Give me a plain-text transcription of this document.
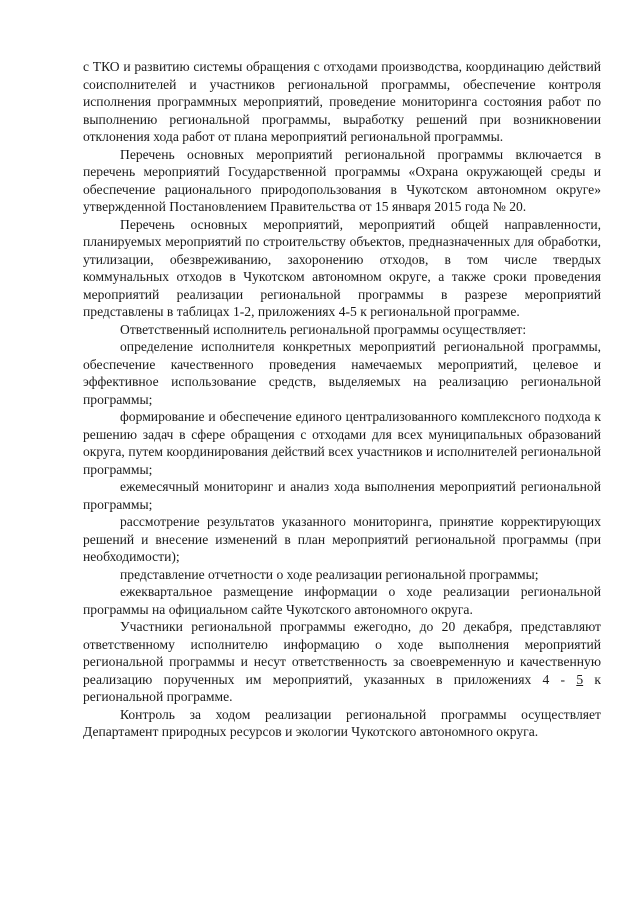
с ТКО и развитию системы обращения с отходами производства, координацию действий соисполнителей и участников региональной программы, обеспечение контроля исполнения программных мероприятий, проведение мониторинга состояния работ по выполнению региональной программы, выработку решений при возникновении отклонения хода работ от плана мероприятий региональной программы.

Перечень основных мероприятий региональной программы включается в перечень мероприятий Государственной программы «Охрана окружающей среды и обеспечение рационального природопользования в Чукотском автономном округе» утвержденной Постановлением Правительства от 15 января 2015 года № 20.

Перечень основных мероприятий, мероприятий общей направленности, планируемых мероприятий по строительству объектов, предназначенных для обработки, утилизации, обезвреживанию, захоронению отходов, в том числе твердых коммунальных отходов в Чукотском автономном округе, а также сроки проведения мероприятий реализации региональной программы в разрезе мероприятий представлены в таблицах 1-2, приложениях 4-5 к региональной программе.

Ответственный исполнитель региональной программы осуществляет:

определение исполнителя конкретных мероприятий региональной программы, обеспечение качественного проведения намечаемых мероприятий, целевое и эффективное использование средств, выделяемых на реализацию региональной программы;

формирование и обеспечение единого централизованного комплексного подхода к решению задач в сфере обращения с отходами для всех муниципальных образований округа, путем координирования действий всех участников и исполнителей региональной программы;

ежемесячный мониторинг и анализ хода выполнения мероприятий региональной программы;

рассмотрение результатов указанного мониторинга, принятие корректирующих решений и внесение изменений в план мероприятий региональной программы (при необходимости);

представление отчетности о ходе реализации региональной программы;

ежеквартальное размещение информации о ходе реализации региональной программы на официальном сайте Чукотского автономного округа.

Участники региональной программы ежегодно, до 20 декабря, представляют ответственному исполнителю информацию о ходе выполнения мероприятий региональной программы и несут ответственность за своевременную и качественную реализацию порученных им мероприятий, указанных в приложениях 4 - 5 к региональной программе.

Контроль за ходом реализации региональной программы осуществляет Департамент природных ресурсов и экологии Чукотского автономного округа.
